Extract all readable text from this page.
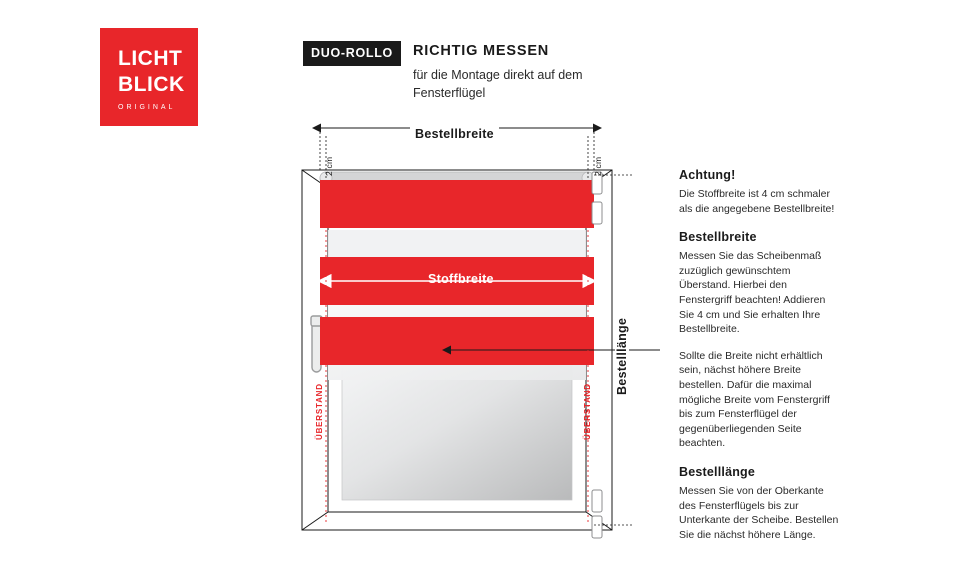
LICHT
BLICK
ORIGINAL
DUO-ROLLO	RICHTIG MESSEN
für die Montage direkt auf dem Fensterflügel
Bestellbreite
Bestelllänge
Stoffbreite
2 cm	2 cm
ÜBERSTAND	ÜBERSTAND
Achtung!

Die Stoffbreite ist 4 cm schmaler als die angegebene Bestellbreite!

Bestellbreite

Messen Sie das Scheibenmaß zuzüglich gewünschtem Überstand. Hierbei den Fenstergriff beachten! Addieren Sie 4 cm und Sie erhalten Ihre Bestellbreite.

Sollte die Breite nicht erhältlich sein, nächst höhere Breite bestellen. Dafür die maximal mögliche Breite vom Fenstergriff bis zum Fensterflügel der gegenüberliegenden Seite beachten.

Bestelllänge

Messen Sie von der Oberkante des Fensterflügels bis zur Unterkante der Scheibe. Bestellen Sie die nächst höhere Länge.
